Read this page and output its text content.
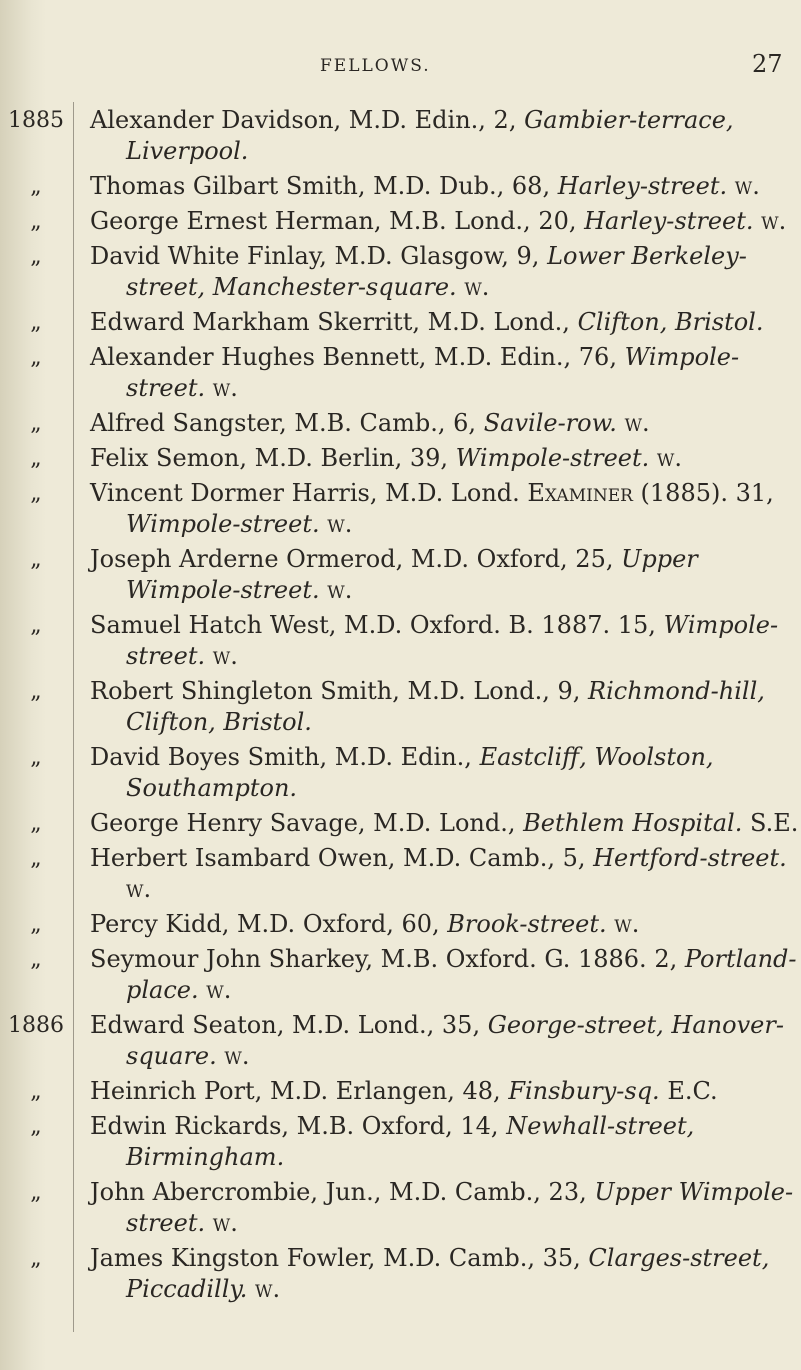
FELLOWS.	27
1885 Alexander Davidson, M.D. Edin., 2, Gambier-terrace, Liverpool.
„	Thomas Gilbart Smith, M.D. Dub., 68, Harley-street. w.
„	George Ernest Herman, M.B. Lond., 20, Harley-street. w.
„	David White Finlay, M.D. Glasgow, 9, Lower Berkeley-street, Manchester-square. w.
„	Edward Markham Skerritt, M.D. Lond., Clifton, Bristol.
„	Alexander Hughes Bennett, M.D. Edin., 76, Wimpole-street. w.
„	Alfred Sangster, M.B. Camb., 6, Savile-row. w.
„	Felix Semon, M.D. Berlin, 39, Wimpole-street. w.
„	Vincent Dormer Harris, M.D. Lond. Examiner (1885). 31, Wimpole-street. w.
„	Joseph Arderne Ormerod, M.D. Oxford, 25, Upper Wimpole-street. w.
„	Samuel Hatch West, M.D. Oxford. B. 1887. 15, Wimpole-street. w.
„	Robert Shingleton Smith, M.D. Lond., 9, Richmond-hill, Clifton, Bristol.
„	David Boyes Smith, M.D. Edin., Eastcliff, Woolston, Southampton.
„	George Henry Savage, M.D. Lond., Bethlem Hospital. S.E.
„	Herbert Isambard Owen, M.D. Camb., 5, Hertford-street. w.
„	Percy Kidd, M.D. Oxford, 60, Brook-street. w.
„	Seymour John Sharkey, M.B. Oxford. G. 1886. 2, Portland-place. w.
1886 Edward Seaton, M.D. Lond., 35, George-street, Hanover-square. w.
„	Heinrich Port, M.D. Erlangen, 48, Finsbury-sq. E.C.
„	Edwin Rickards, M.B. Oxford, 14, Newhall-street, Birmingham.
„	John Abercrombie, Jun., M.D. Camb., 23, Upper Wimpole-street. w.
„	James Kingston Fowler, M.D. Camb., 35, Clarges-street, Piccadilly. w.
